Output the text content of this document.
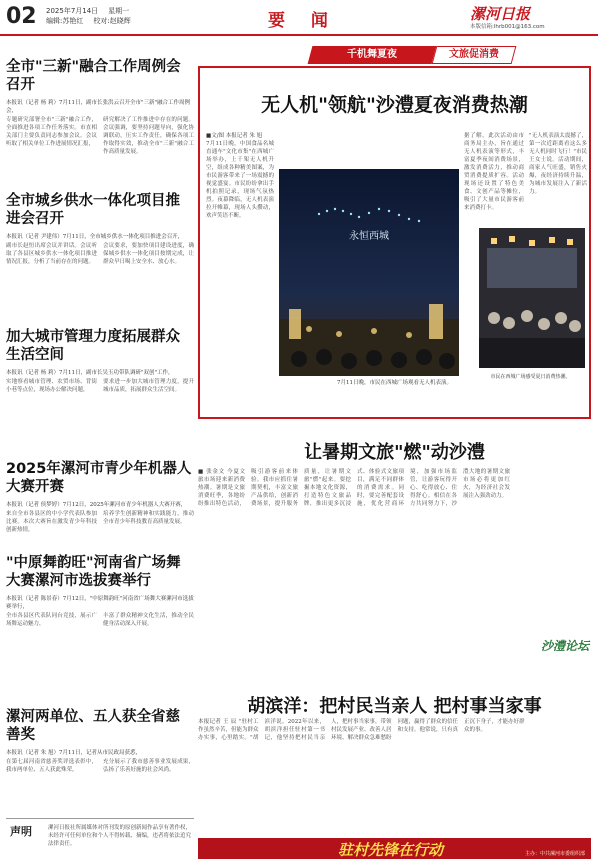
02 2025年7月14日 星期一
编辑:苏艳红 校对:赵晓辉	要 闻	漯河日报
本版信箱:lhrb001@163.com
全市"三新"融合工作周例会召开
本报讯（记者 杨 莉）7月11日，副市长张洪云召开全市"三新"融合工作周例会，

专题研究部署全市"三新"融合工作，全面推进各项工作任务落实。市直相关部门主要负责同志参加会议。会议听取了相关单位工作进展情况汇报，

研究解决了工作推进中存在的问题。会议强调，要坚持问题导向，强化协调联动，压实工作责任，确保各项工作取得实效，推动全市"三新"融合工作高质量发展。

全市城乡供水一体化项目推进会召开
本报讯（记者 尹建伟）7月11日，全市城乡供水一体化项目推进会召开，

副市长赵恒出席会议并讲话。会议听取了各县区城乡供水一体化项目推进情况汇报，分析了当前存在的问题。

会议要求，要加快项目建设进度，确保城乡供水一体化项目按期完成，让群众早日喝上安全水、放心水。

加大城市管理力度拓展群众生活空间
本报讯（记者 杨 莉）7月11日，副市长吴玉功带队调研"双创"工作，

实地察看城市管理、农贸市场、背街小巷等点位，现场办公解决问题，

要求进一步加大城市管理力度，提升城市品质，拓展群众生活空间。

2025年漯河市青少年机器人大赛开赛
本报讯（记者 侯梦婷）7月12日，2025年漯河市青少年机器人大赛开赛，

来自全市各县区的中小学代表队参加比赛。本次大赛旨在激发青少年科技创新热情，

培养学生创新精神和实践能力，推动全市青少年科技教育高质量发展。

"中原舞韵旺"河南省广场舞大赛漯河市选拔赛举行
本报讯（记者 陈景春）7月12日，"中原舞韵旺"河南省广场舞大赛漯河市选拔赛举行，

全市各县区代表队同台竞技，展示广场舞运动魅力，

丰富了群众精神文化生活，推动全民健身活动深入开展。

漯河两单位、五人获全省慈善奖
本报讯（记者 朱 旭）7月11日，记者从市民政局获悉，

在第七届河南省慈善奖评选表彰中，我市两单位、五人获此殊荣，

充分展示了我市慈善事业发展成果，弘扬了乐善好施的社会风尚。

声明	漯河日报社所属媒体对所刊发的原创新闻作品享有著作权，未经许可任何单位和个人不得转载、摘编，违者将依法追究法律责任。

千机舞夏夜	文旅促消费
无人机"领航"沙澧夏夜消费热潮
■文/图 本报记者 朱 旭
7月11日晚，中国食品名城直通车"文化市集"在西城广场举办，上千架无人机升空，组成各种精美图案，为市民游客带来了一场震撼的视觉盛宴。市民纷纷拿出手机拍照记录，现场气氛热烈。夜幕降临，无人机表演拉开帷幕，现场人头攒动，欢声笑语不断。
永恒西城
据了解，此次活动由市商务局主办，旨在通过无人机表演等形式，丰富夏季夜间消费场景，激发消费活力，推动商贸消费提质扩容。活动现场还设置了特色美食、文创产品等摊位，吸引了大量市民游客前来消费打卡。
"无人机表演太震撼了，第一次近距离看这么多无人机同时飞行！"市民王女士说。活动期间，商家人气旺盛，销售火爆，夜经济持续升温，为城市发展注入了新活力。
7月11日晚，市民在西城广场观看无人机表演。
市民在西城广场感受夏日消费热潮。
让暑期文旅"燃"动沙澧
■ 张金文 今夏文旅市场迎来新消费热潮。暑期是文旅消费旺季，各地纷纷推出特色活动，吸引游客前来体验。我市应抓住暑期契机，丰富文旅产品供给，创新消费场景，提升服务质量，让暑期文旅"燃"起来。要挖掘本地文化资源，打造特色文旅品牌，推出更多沉浸式、体验式文旅项目，满足不同群体的消费需求。同时，要完善配套设施，优化营商环境，加强市场监管，让游客玩得开心、吃得放心、住得舒心。相信在各方共同努力下，沙澧大地的暑期文旅市场必将更加红火，为经济社会发展注入强劲动力。
沙澧论坛
胡滨洋：把村民当亲人 把村事当家事
本报记者 王 辰 "驻村工作虽然辛苦，但能为群众办实事，心里踏实。"胡滨洋说。2022年以来，胡滨洋担任驻村第一书记，他坚持把村民当亲人，把村事当家事，带领村民发展产业、改善人居环境、解决群众急难愁盼问题，赢得了群众的信任和支持。他常说，只有真正沉下身子，才能办好群众的事。
驻村先锋在行动	主办：中共漯河市委组织部
